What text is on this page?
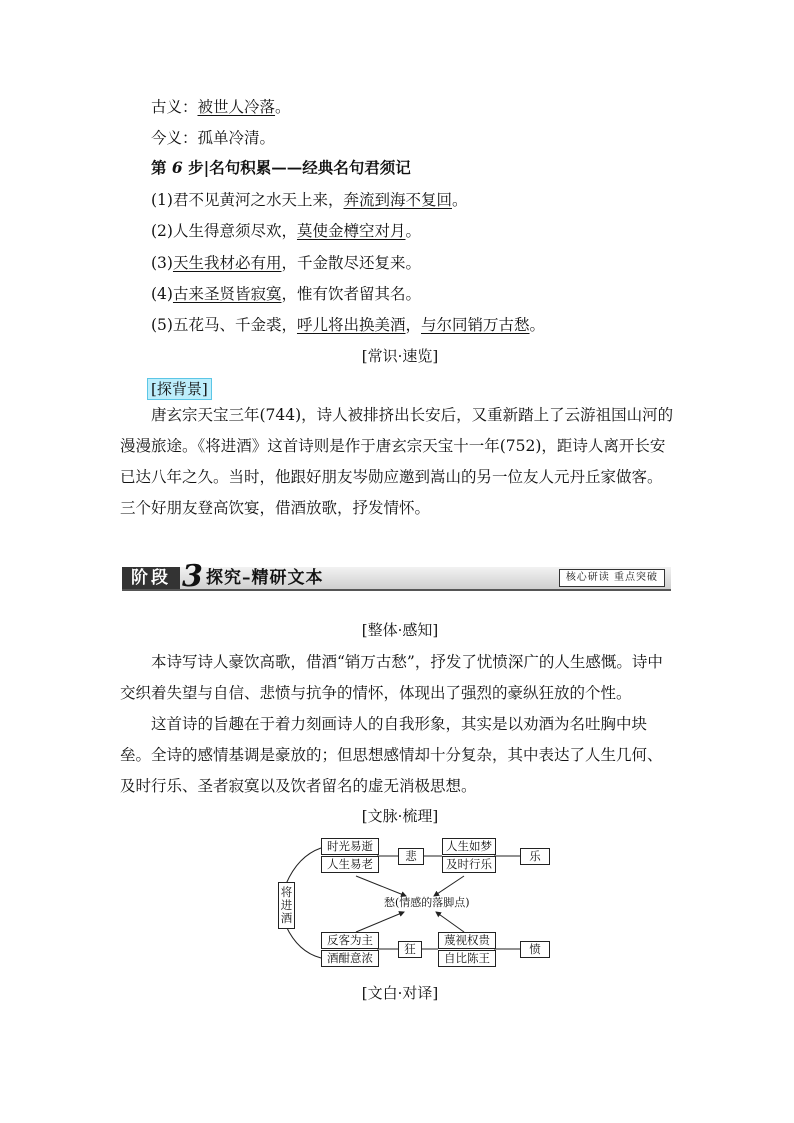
古义：被世人冷落。
今义：孤单冷清。
第 6 步|名句积累——经典名句君须记
(1)君不见黄河之水天上来，奔流到海不复回。
(2)人生得意须尽欢，莫使金樽空对月。
(3)天生我材必有用，千金散尽还复来。
(4)古来圣贤皆寂寞，惟有饮者留其名。
(5)五花马、千金裘，呼儿将出换美酒，与尔同销万古愁。
[常识·速览]
[探背景]
唐玄宗天宝三年(744)，诗人被排挤出长安后，又重新踏上了云游祖国山河的漫漫旅途。《将进酒》这首诗则是作于唐玄宗天宝十一年(752)，距诗人离开长安已达八年之久。当时，他跟好朋友岑勋应邀到嵩山的另一位友人元丹丘家做客。三个好朋友登高饮宴，借酒放歌，抒发情怀。
阶段 3 探究–精研文本	核心研读 重点突破
[整体·感知]
本诗写诗人豪饮高歌，借酒“销万古愁”，抒发了忧愤深广的人生感慨。诗中交织着失望与自信、悲愤与抗争的情怀，体现出了强烈的豪纵狂放的个性。
这首诗的旨趣在于着力刻画诗人的自我形象，其实是以劝酒为名吐胸中块垒。全诗的感情基调是豪放的；但思想感情却十分复杂，其中表达了人生几何、及时行乐、圣者寂寞以及饮者留名的虚无消极思想。
[文脉·梳理]
将进酒
时光易逝
人生易老
悲
人生如梦
及时行乐
乐
愁(情感的落脚点)
反客为主
酒酣意浓
狂
蔑视权贵
自比陈王
愤
[文白·对译]
